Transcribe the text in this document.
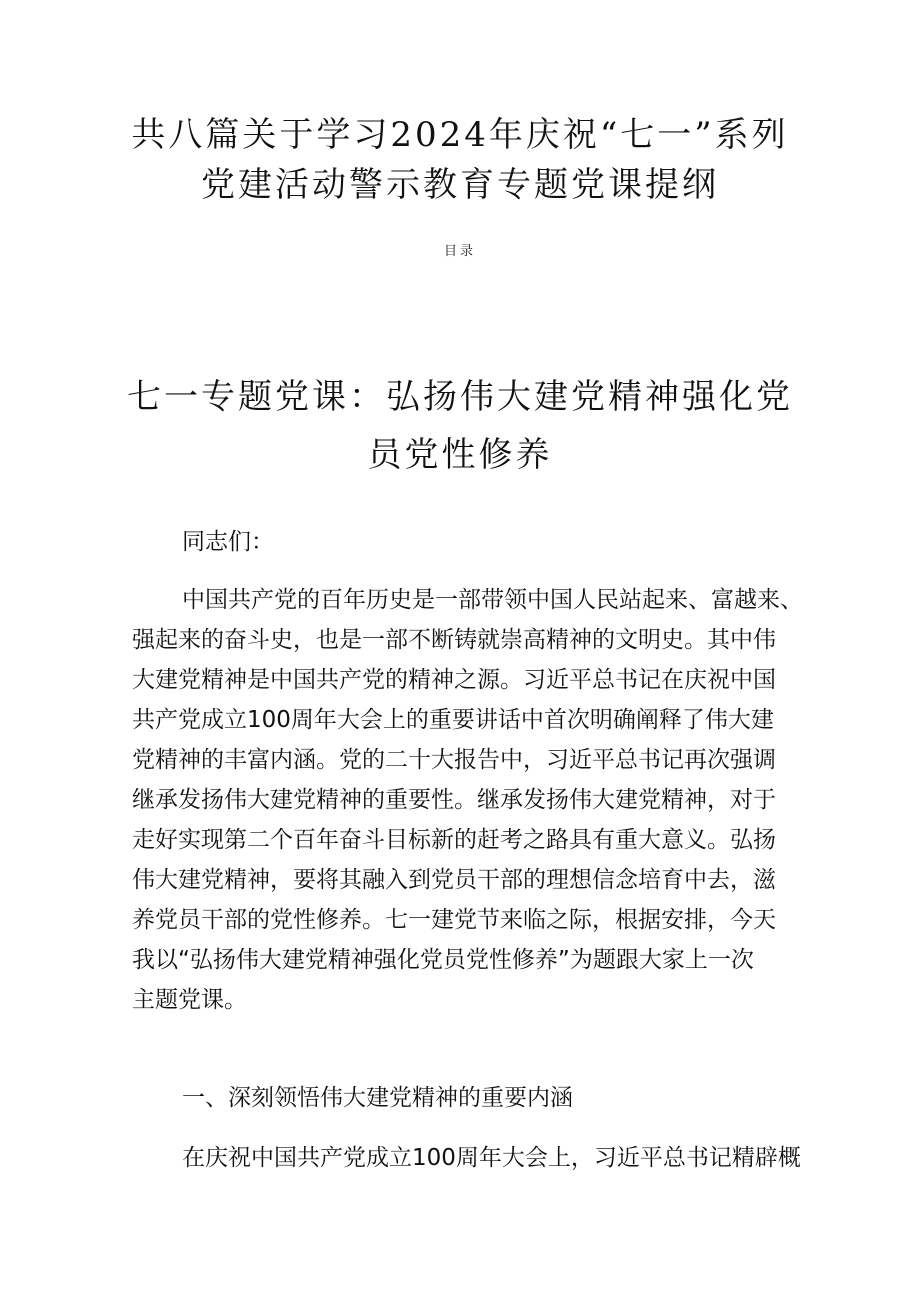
共八篇关于学习2024年庆祝“七一”系列
党建活动警示教育专题党课提纲
目录
七一专题党课：弘扬伟大建党精神强化党
员党性修养
同志们：
中国共产党的百年历史是一部带领中国人民站起来、富越来、
强起来的奋斗史，也是一部不断铸就崇高精神的文明史。其中伟
大建党精神是中国共产党的精神之源。习近平总书记在庆祝中国
共产党成立100周年大会上的重要讲话中首次明确阐释了伟大建
党精神的丰富内涵。党的二十大报告中，习近平总书记再次强调
继承发扬伟大建党精神的重要性。继承发扬伟大建党精神，对于
走好实现第二个百年奋斗目标新的赶考之路具有重大意义。弘扬
伟大建党精神，要将其融入到党员干部的理想信念培育中去，滋
养党员干部的党性修养。七一建党节来临之际，根据安排，今天
我以“弘扬伟大建党精神强化党员党性修养”为题跟大家上一次
主题党课。
一、深刻领悟伟大建党精神的重要内涵
在庆祝中国共产党成立100周年大会上，习近平总书记精辟概
